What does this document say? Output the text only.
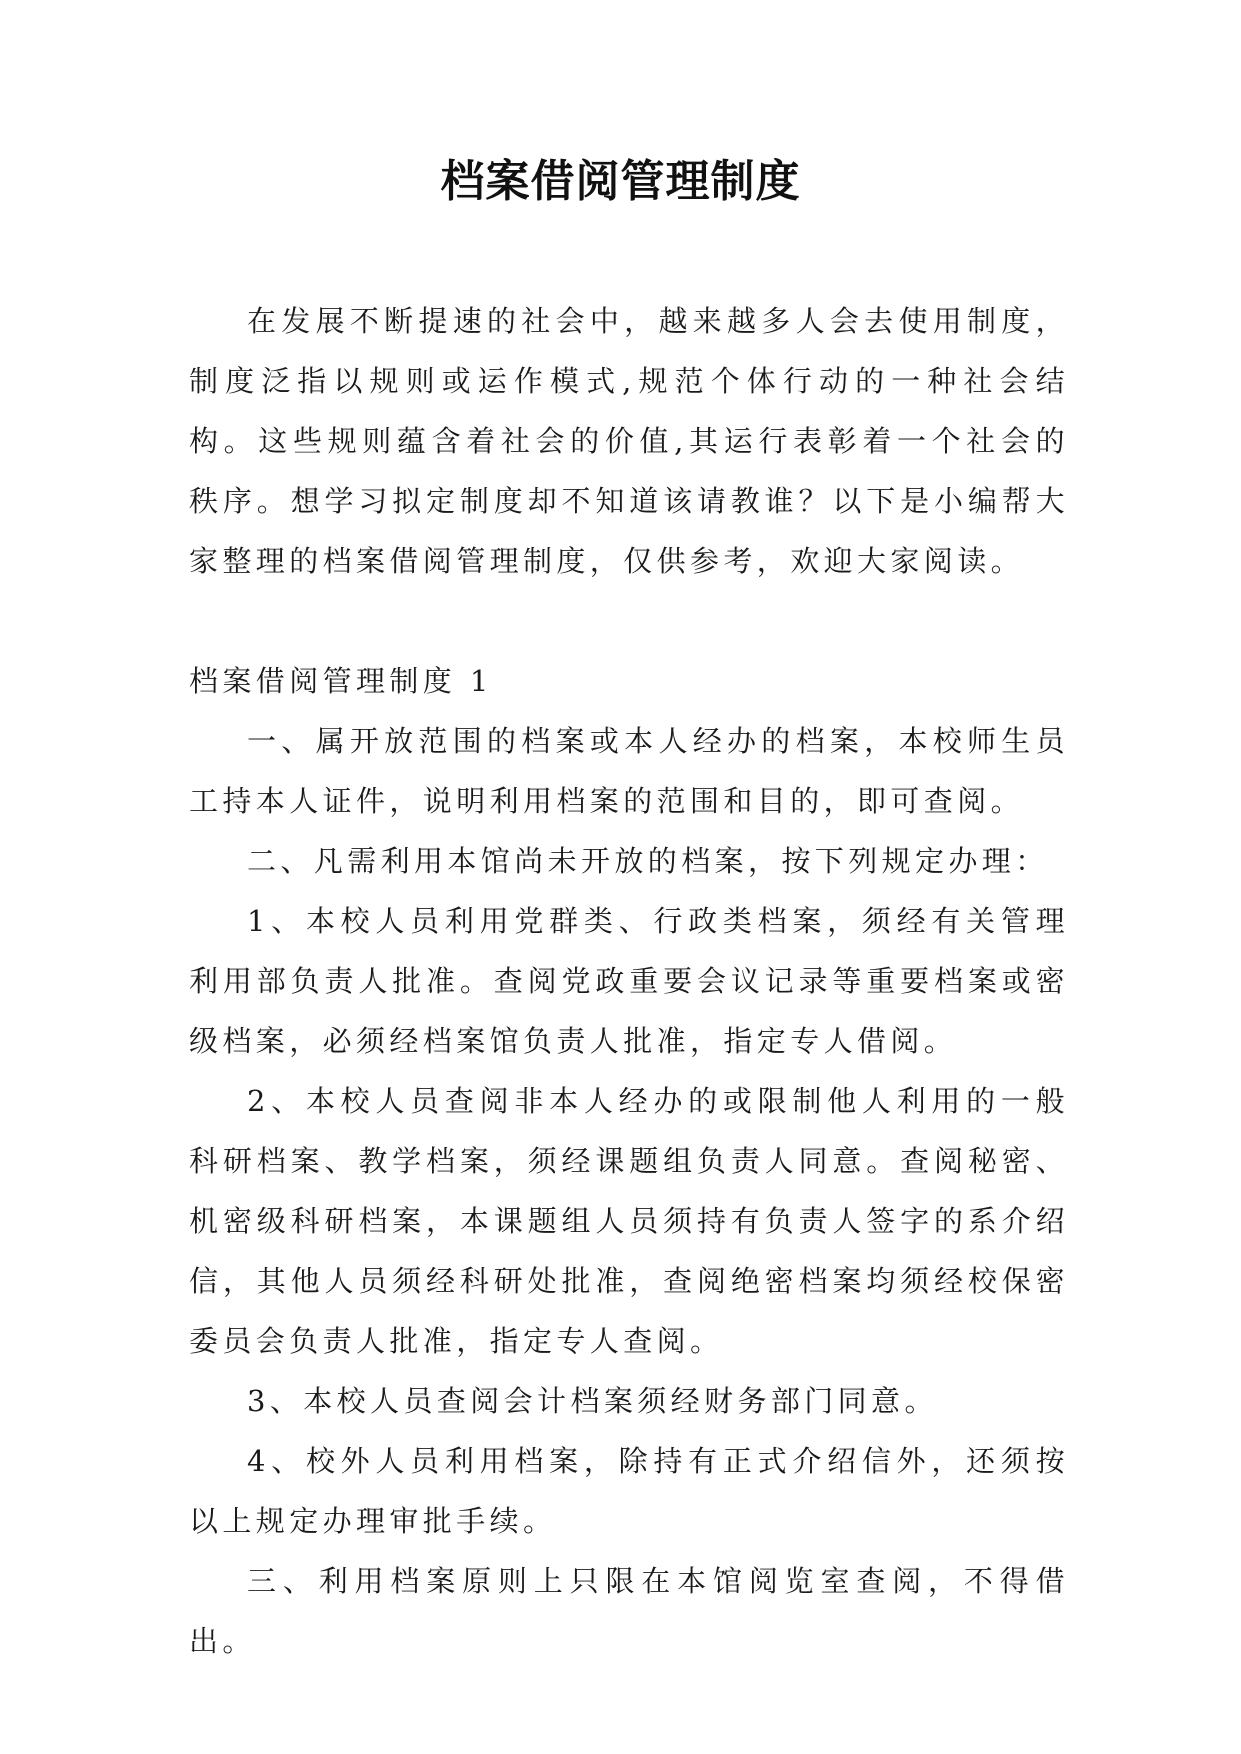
档案借阅管理制度

在发展不断提速的社会中，越来越多人会去使用制度，制度泛指以规则或运作模式,规范个体行动的一种社会结构。这些规则蕴含着社会的价值,其运行表彰着一个社会的秩序。想学习拟定制度却不知道该请教谁？以下是小编帮大家整理的档案借阅管理制度，仅供参考，欢迎大家阅读。

档案借阅管理制度 1

一、属开放范围的档案或本人经办的档案，本校师生员工持本人证件，说明利用档案的范围和目的，即可查阅。

二、凡需利用本馆尚未开放的档案，按下列规定办理：

1、本校人员利用党群类、行政类档案，须经有关管理利用部负责人批准。查阅党政重要会议记录等重要档案或密级档案，必须经档案馆负责人批准，指定专人借阅。

2、本校人员查阅非本人经办的或限制他人利用的一般科研档案、教学档案，须经课题组负责人同意。查阅秘密、机密级科研档案，本课题组人员须持有负责人签字的系介绍信，其他人员须经科研处批准，查阅绝密档案均须经校保密委员会负责人批准，指定专人查阅。

3、本校人员查阅会计档案须经财务部门同意。

4、校外人员利用档案，除持有正式介绍信外，还须按以上规定办理审批手续。

三、利用档案原则上只限在本馆阅览室查阅，不得借出。
